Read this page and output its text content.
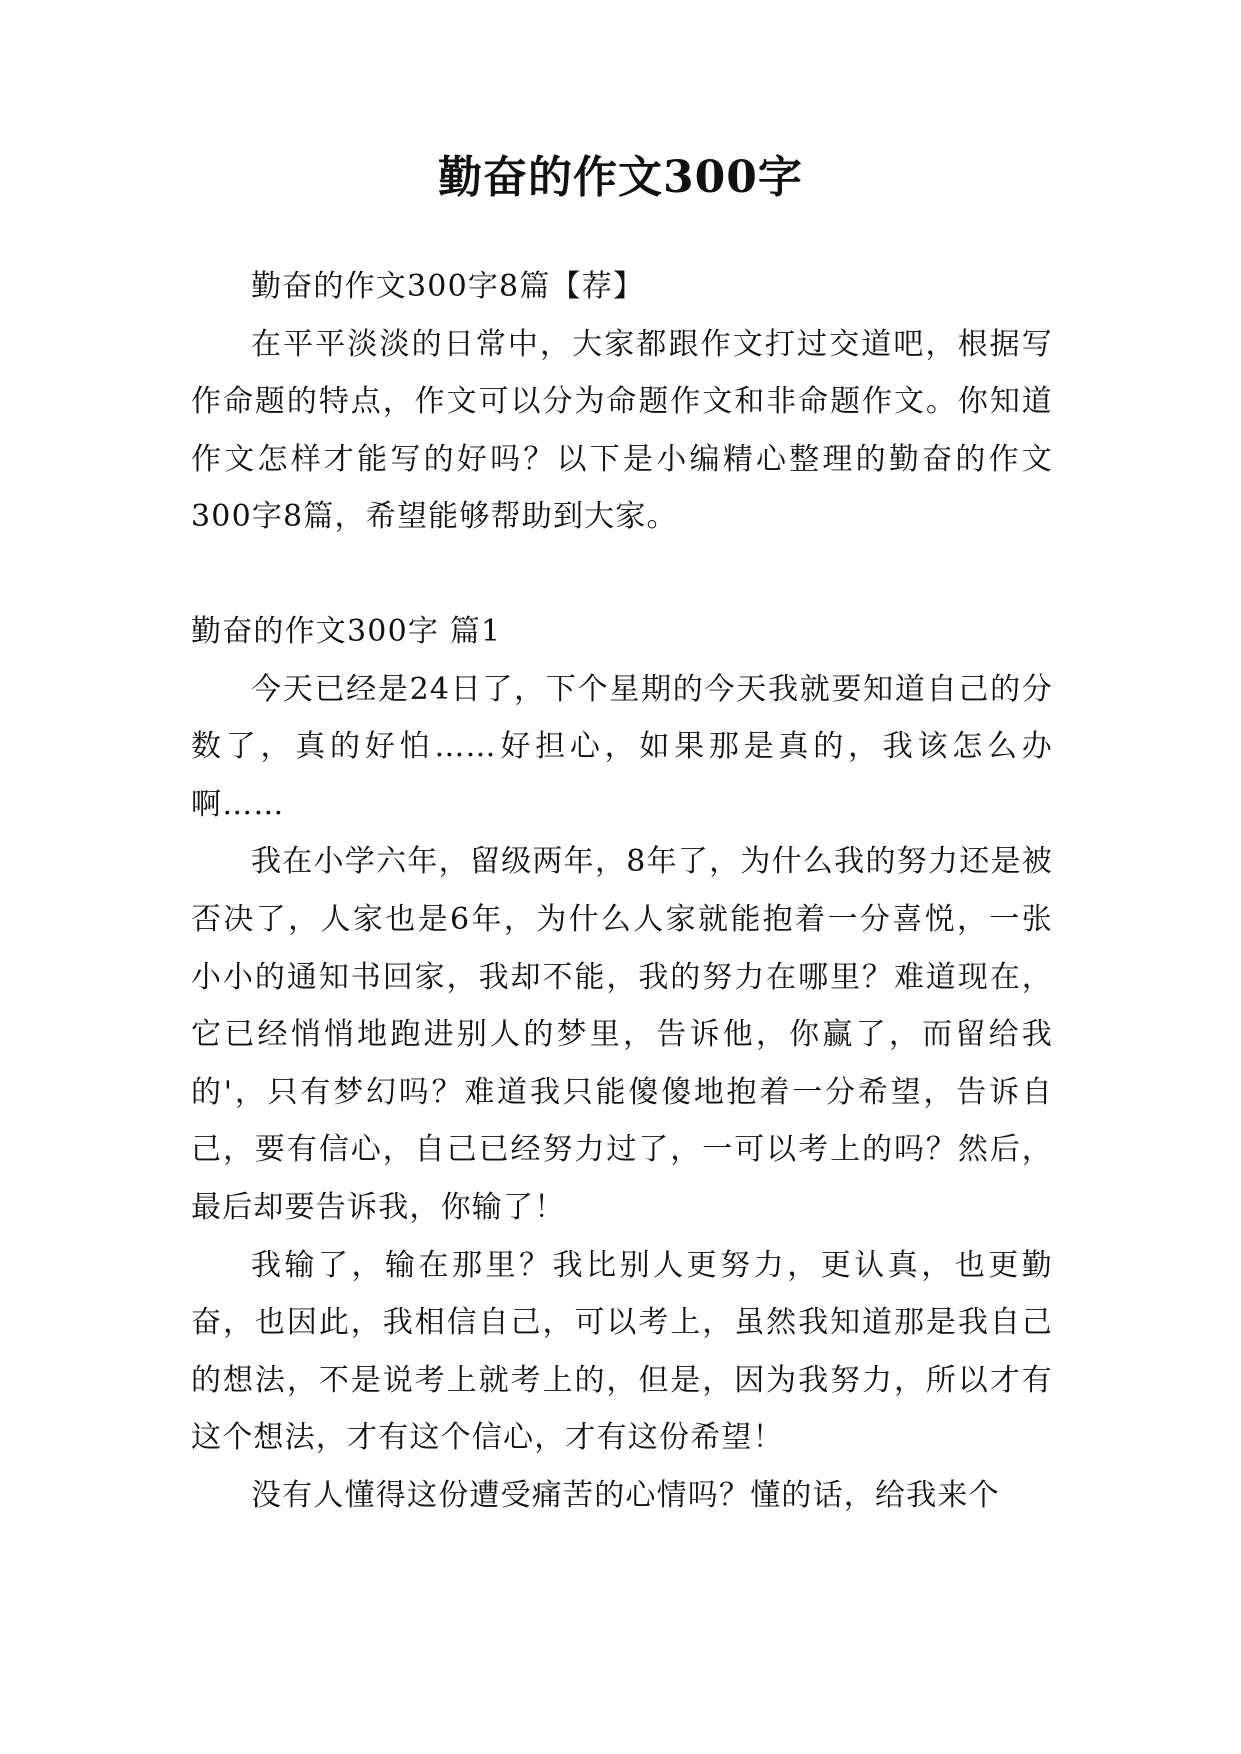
勤奋的作文300字

勤奋的作文300字8篇【荐】

在平平淡淡的日常中，大家都跟作文打过交道吧，根据写作命题的特点，作文可以分为命题作文和非命题作文。你知道作文怎样才能写的好吗？以下是小编精心整理的勤奋的作文300字8篇，希望能够帮助到大家。

勤奋的作文300字 篇1

今天已经是24日了，下个星期的今天我就要知道自己的分数了，真的好怕……好担心，如果那是真的，我该怎么办啊……

我在小学六年，留级两年，8年了，为什么我的努力还是被否决了，人家也是6年，为什么人家就能抱着一分喜悦，一张小小的通知书回家，我却不能，我的努力在哪里？难道现在，它已经悄悄地跑进别人的梦里，告诉他，你赢了，而留给我的'，只有梦幻吗？难道我只能傻傻地抱着一分希望，告诉自己，要有信心，自己已经努力过了，一可以考上的吗？然后，最后却要告诉我，你输了！

我输了，输在那里？我比别人更努力，更认真，也更勤奋，也因此，我相信自己，可以考上，虽然我知道那是我自己的想法，不是说考上就考上的，但是，因为我努力，所以才有这个想法，才有这个信心，才有这份希望！

没有人懂得这份遭受痛苦的心情吗？懂的话，给我来个
